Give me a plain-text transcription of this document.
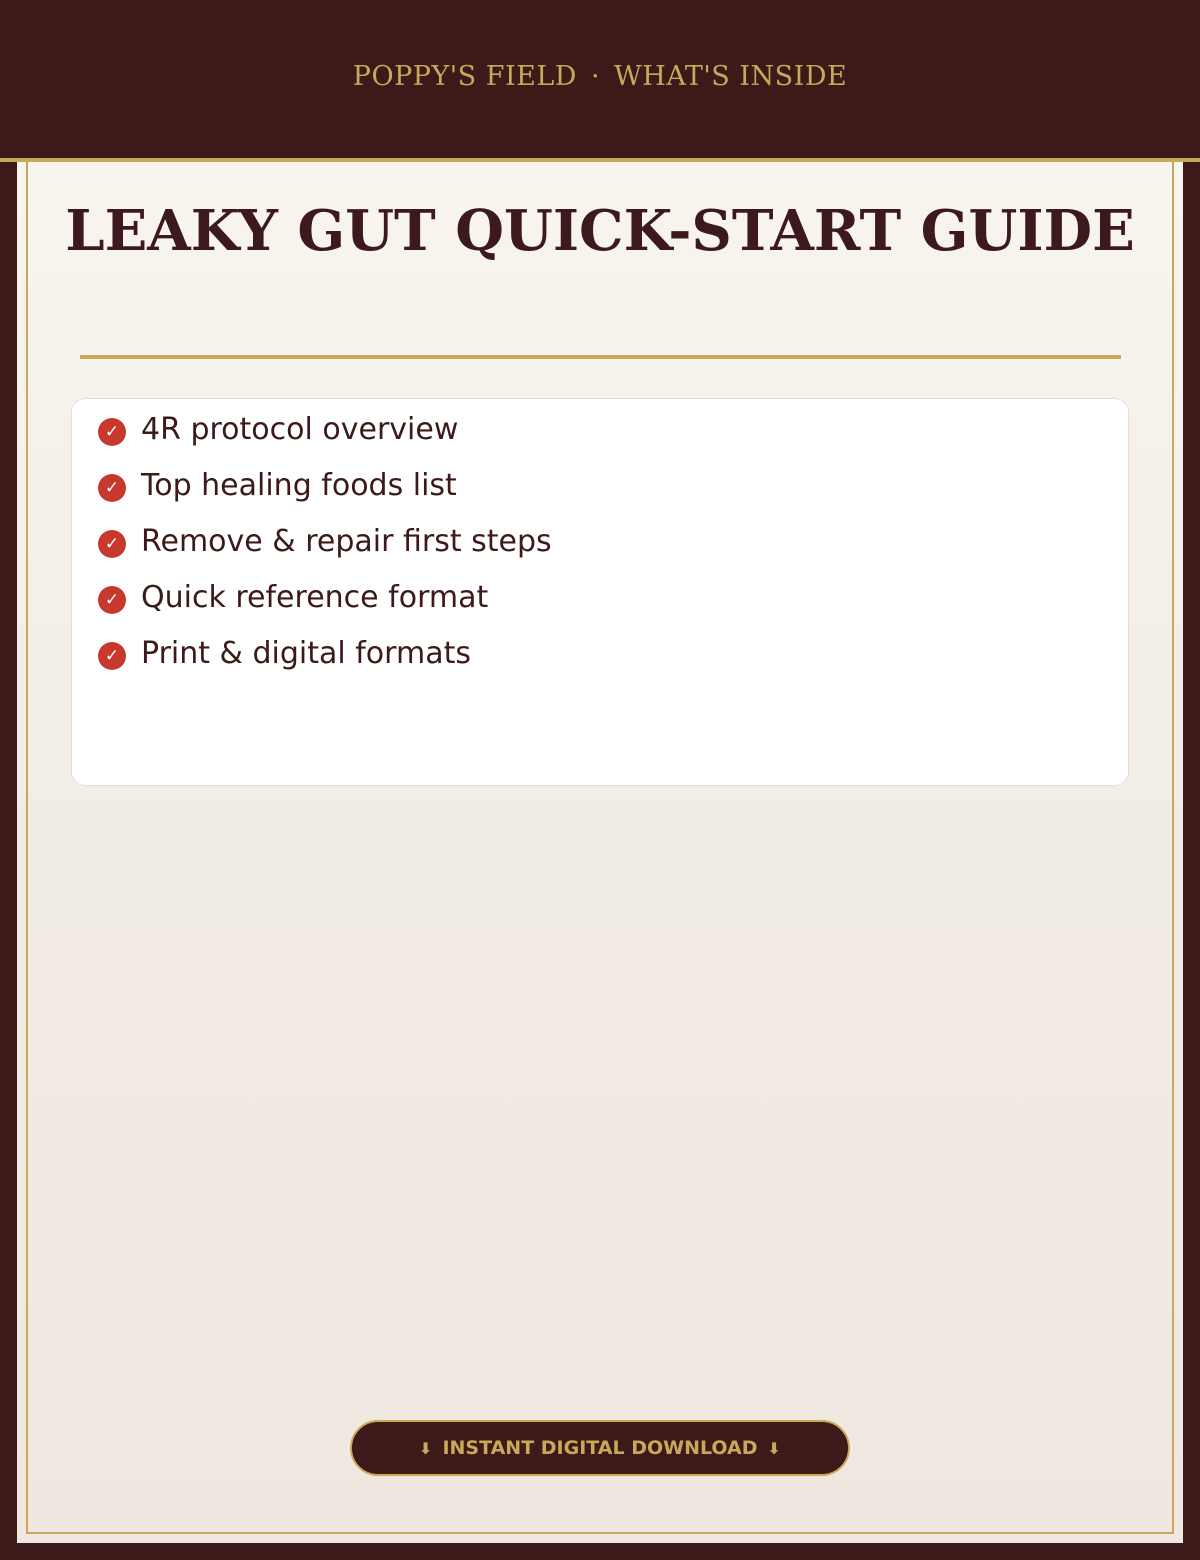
POPPY'S FIELD · WHAT'S INSIDE
LEAKY GUT QUICK-START GUIDE
✓ 4R protocol overview
✓ Top healing foods list
✓ Remove & repair first steps
✓ Quick reference format
✓ Print & digital formats
⬇ INSTANT DIGITAL DOWNLOAD ⬇
